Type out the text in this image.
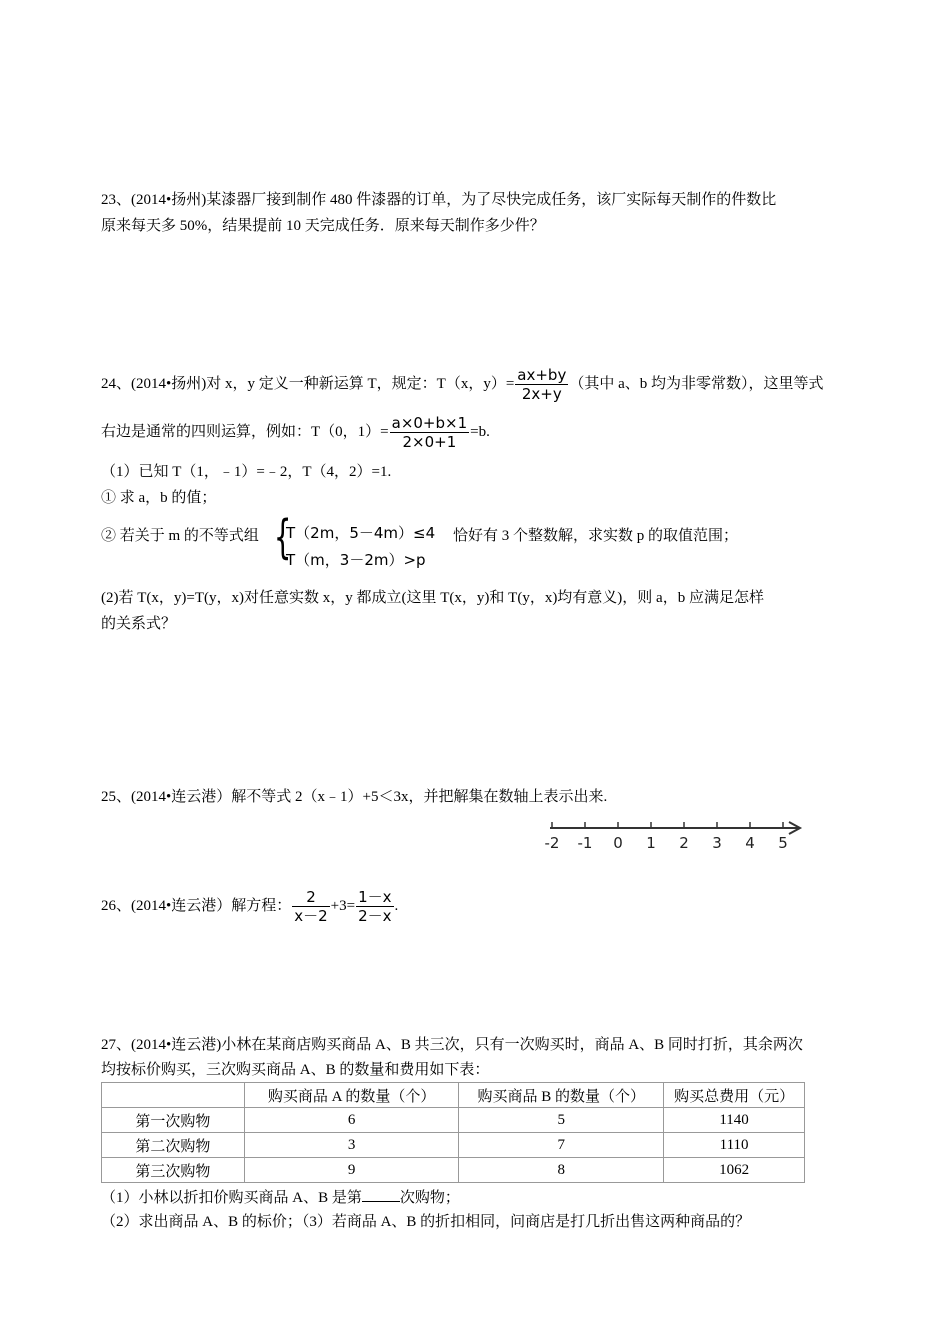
23、(2014•扬州)某漆器厂接到制作 480 件漆器的订单，为了尽快完成任务，该厂实际每天制作的件数比
原来每天多 50%，结果提前 10 天完成任务．原来每天制作多少件？
24、(2014•扬州)对 x，y 定义一种新运算 T，规定：T（x，$y)= \frac{ax+by}{2x+y}$ （其中 a、b 均为非零常数），这里等式
右边是通常的四则运算，例如：T（0，$1)= \frac{a\times 0+b\times 1}{2\times 0+1} =b$.
（1）已知 T（1，﹣1）=﹣2，T（4，2）=1.
① 求 a，b 的值；
② 若关于 m 的不等式组 {
T（2m，5－4m）≤4
T（m，3－2m）>p
恰好有 3 个整数解，求实数 p 的取值范围；
(2)若 T(x，y)=T(y，x)对任意实数 x，y 都成立(这里 T(x，y)和 T(y，x)均有意义)，则 a，b 应满足怎样
的关系式？
25、(2014•连云港）解不等式 2（x﹣1）+5＜3x，并把解集在数轴上表示出来.
-2 -1 0 1 2 3 4 5
26、(2014•连云港）解方程： $\frac{2}{x-2} +3= \frac{1-x}{2-x}$ .
27、(2014•连云港)小林在某商店购买商品 A、B 共三次，只有一次购买时，商品 A、B 同时打折，其余两次
均按标价购买，三次购买商品 A、B 的数量和费用如下表：
	购买商品 A 的数量（个）	购买商品 B 的数量（个）	购买总费用（元）
第一次购物	6	5	1140
第二次购物	3	7	1110
第三次购物	9	8	1062
（1）小林以折扣价购买商品 A、B 是第	次购物；
（2）求出商品 A、B 的标价；（3）若商品 A、B 的折扣相同，问商店是打几折出售这两种商品的？
